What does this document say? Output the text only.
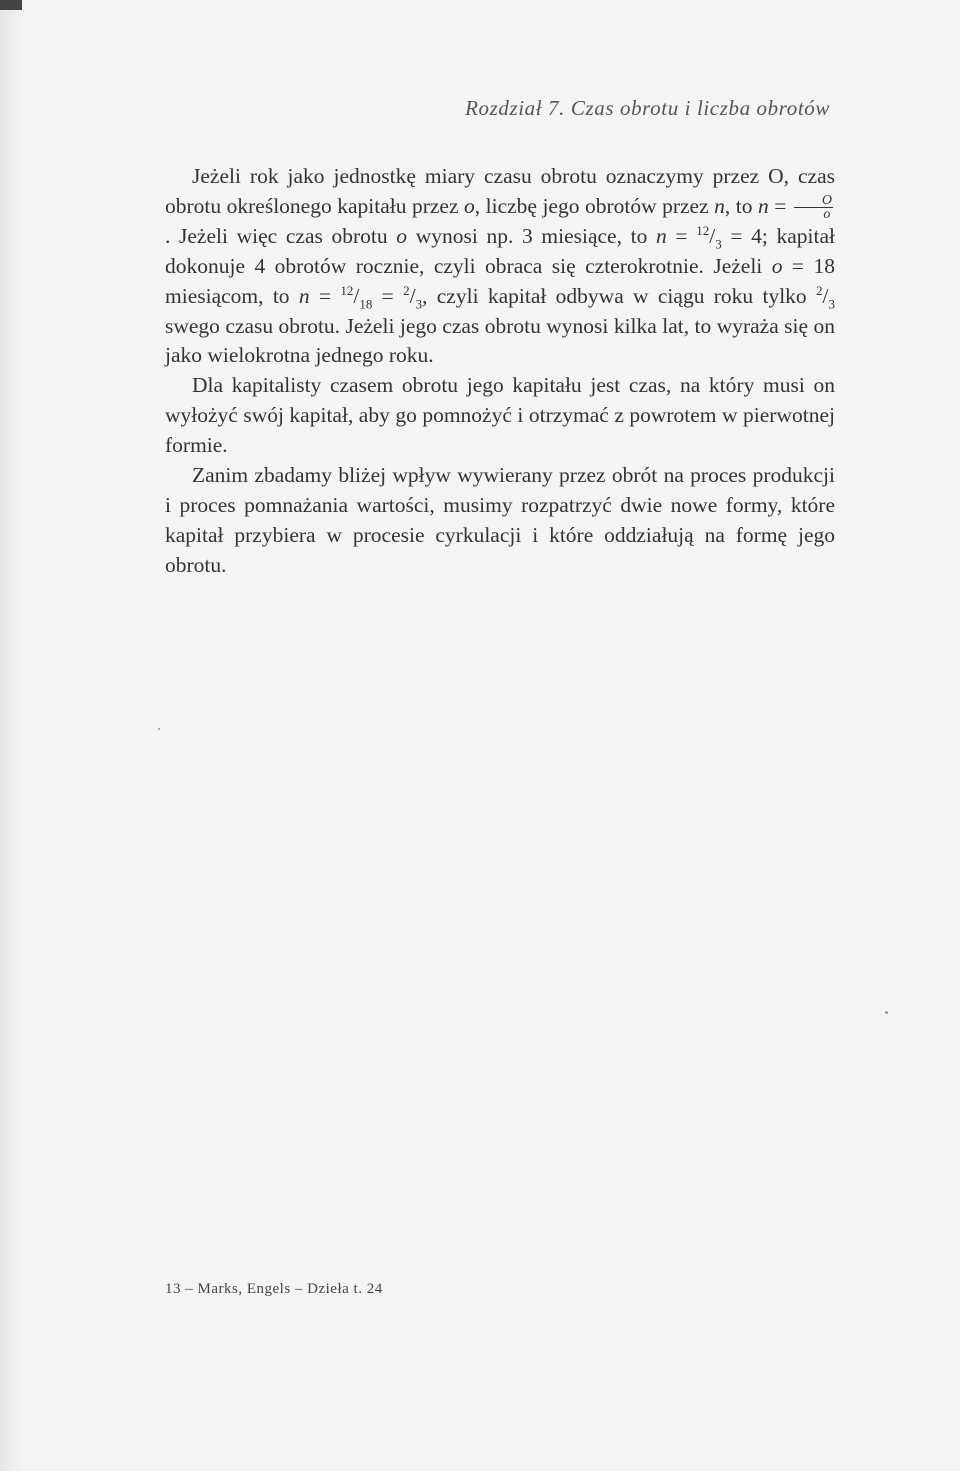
Rozdział 7. Czas obrotu i liczba obrotów

Jeżeli rok jako jednostkę miary czasu obrotu oznaczymy przez O, czas obrotu określonego kapitału przez o, liczbę jego obrotów przez n, to $n = \frac{O}{o}$
. Jeżeli więc czas obrotu o wynosi np. 3 miesiące, to $n = ^{12}/_3 = 4$; kapitał dokonuje 4 obrotów rocznie, czyli obraca się czterokrotnie. Jeżeli o = 18 miesiącom, to $n = ^{12}/_{18} = ^2/_3$, czyli kapitał odbywa w ciągu roku tylko $^2/_3$ swego czasu obrotu. Jeżeli jego czas obrotu wynosi kilka lat, to wyraża się on jako wielokrotna jednego roku.

Dla kapitalisty czasem obrotu jego kapitału jest czas, na który musi on wyłożyć swój kapitał, aby go pomnożyć i otrzymać z powrotem w pierwotnej formie.

Zanim zbadamy bliżej wpływ wywierany przez obrót na proces produkcji i proces pomnażania wartości, musimy rozpatrzyć dwie nowe formy, które kapitał przybiera w procesie cyrkulacji i które oddziałują na formę jego obrotu.

13 – Marks, Engels – Dzieła t. 24
